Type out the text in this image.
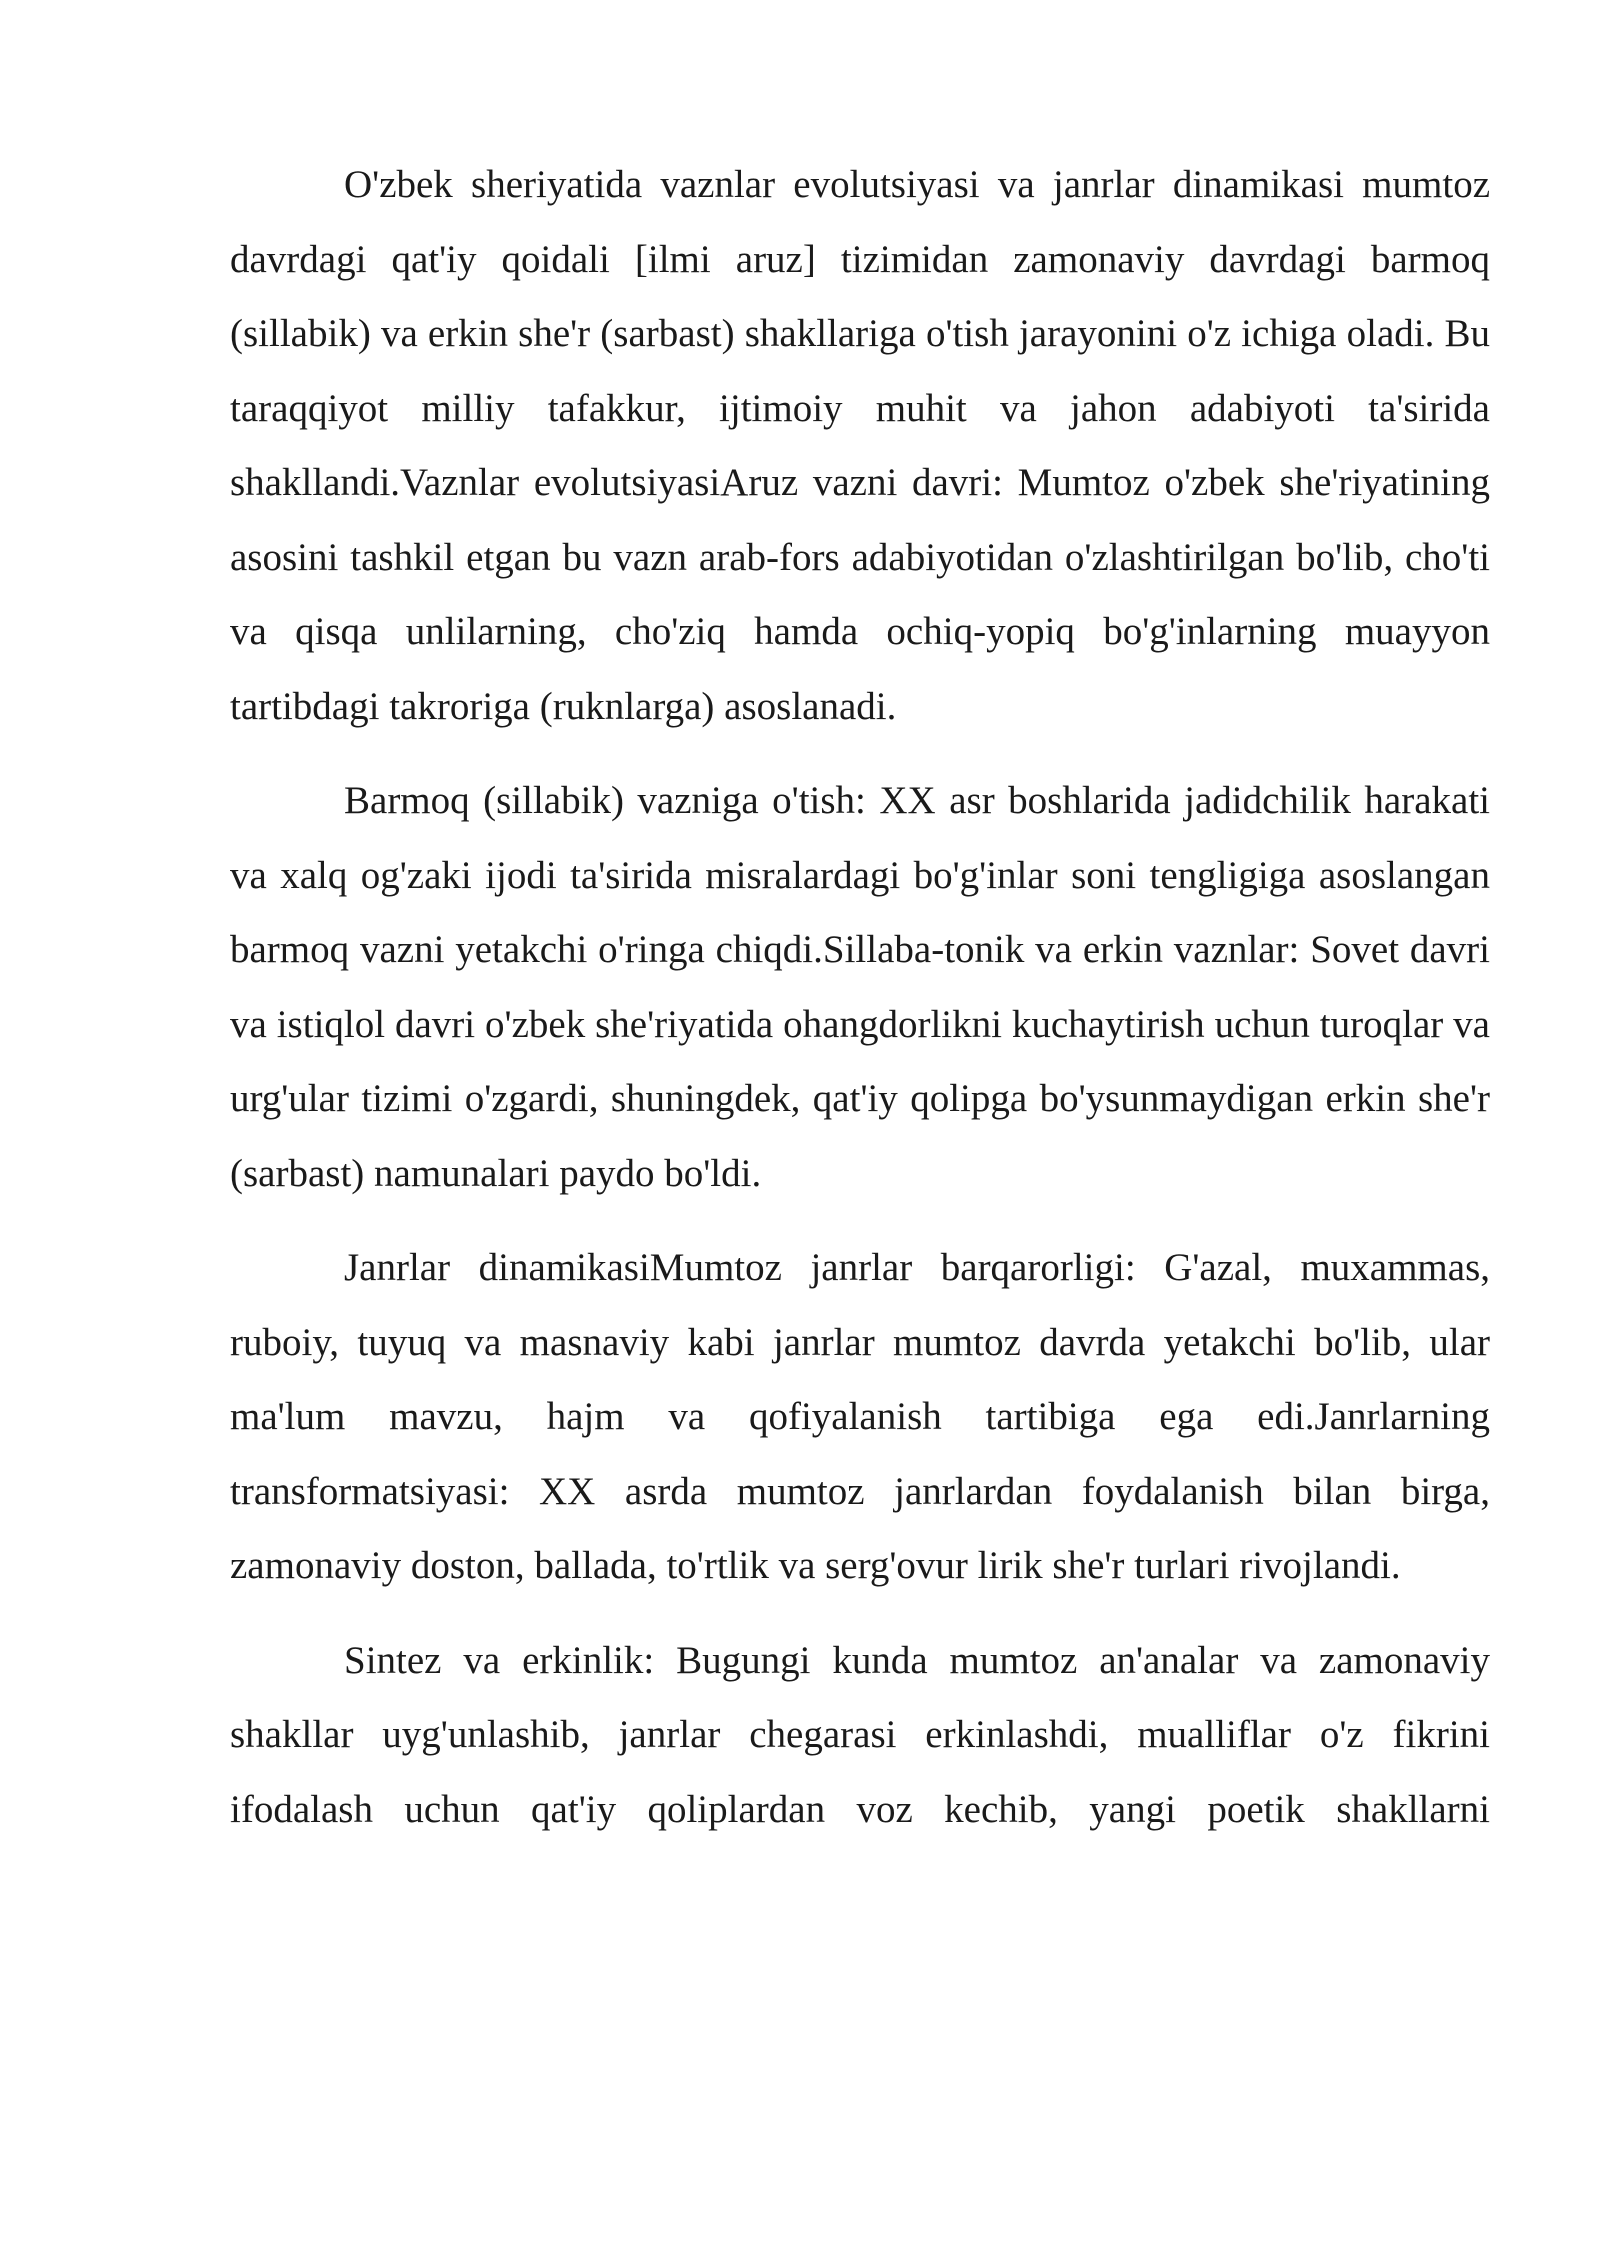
O'zbek sheriyatida vaznlar evolutsiyasi va janrlar dinamikasi mumtoz davrdagi qat'iy qoidali [ilmi aruz] tizimidan zamonaviy davrdagi barmoq (sillabik) va erkin she'r (sarbast) shakllariga o'tish jarayonini o'z ichiga oladi. Bu taraqqiyot milliy tafakkur, ijtimoiy muhit va jahon adabiyoti ta'sirida shakllandi.Vaznlar evolutsiyasiAruz vazni davri: Mumtoz o'zbek she'riyatining asosini tashkil etgan bu vazn arab-fors adabiyotidan o'zlashtirilgan bo'lib, cho'ti va qisqa unlilarning, cho'ziq hamda ochiq-yopiq bo'g'inlarning muayyon tartibdagi takroriga (ruknlarga) asoslanadi.

Barmoq (sillabik) vazniga o'tish: XX asr boshlarida jadidchilik harakati va xalq og'zaki ijodi ta'sirida misralardagi bo'g'inlar soni tengligiga asoslangan barmoq vazni yetakchi o'ringa chiqdi.Sillaba-tonik va erkin vaznlar: Sovet davri va istiqlol davri o'zbek she'riyatida ohangdorlikni kuchaytirish uchun turoqlar va urg'ular tizimi o'zgardi, shuningdek, qat'iy qolipga bo'ysunmaydigan erkin she'r (sarbast) namunalari paydo bo'ldi.

Janrlar dinamikasiMumtoz janrlar barqarorligi: G'azal, muxammas, ruboiy, tuyuq va masnaviy kabi janrlar mumtoz davrda yetakchi bo'lib, ular ma'lum mavzu, hajm va qofiyalanish tartibiga ega edi.Janrlarning transformatsiyasi: XX asrda mumtoz janrlardan foydalanish bilan birga, zamonaviy doston, ballada, to'rtlik va serg'ovur lirik she'r turlari rivojlandi.

Sintez va erkinlik: Bugungi kunda mumtoz an'analar va zamonaviy shakllar uyg'unlashib, janrlar chegarasi erkinlashdi, mualliflar o'z fikrini ifodalash uchun qat'iy qoliplardan voz kechib, yangi poetik shakllarni
